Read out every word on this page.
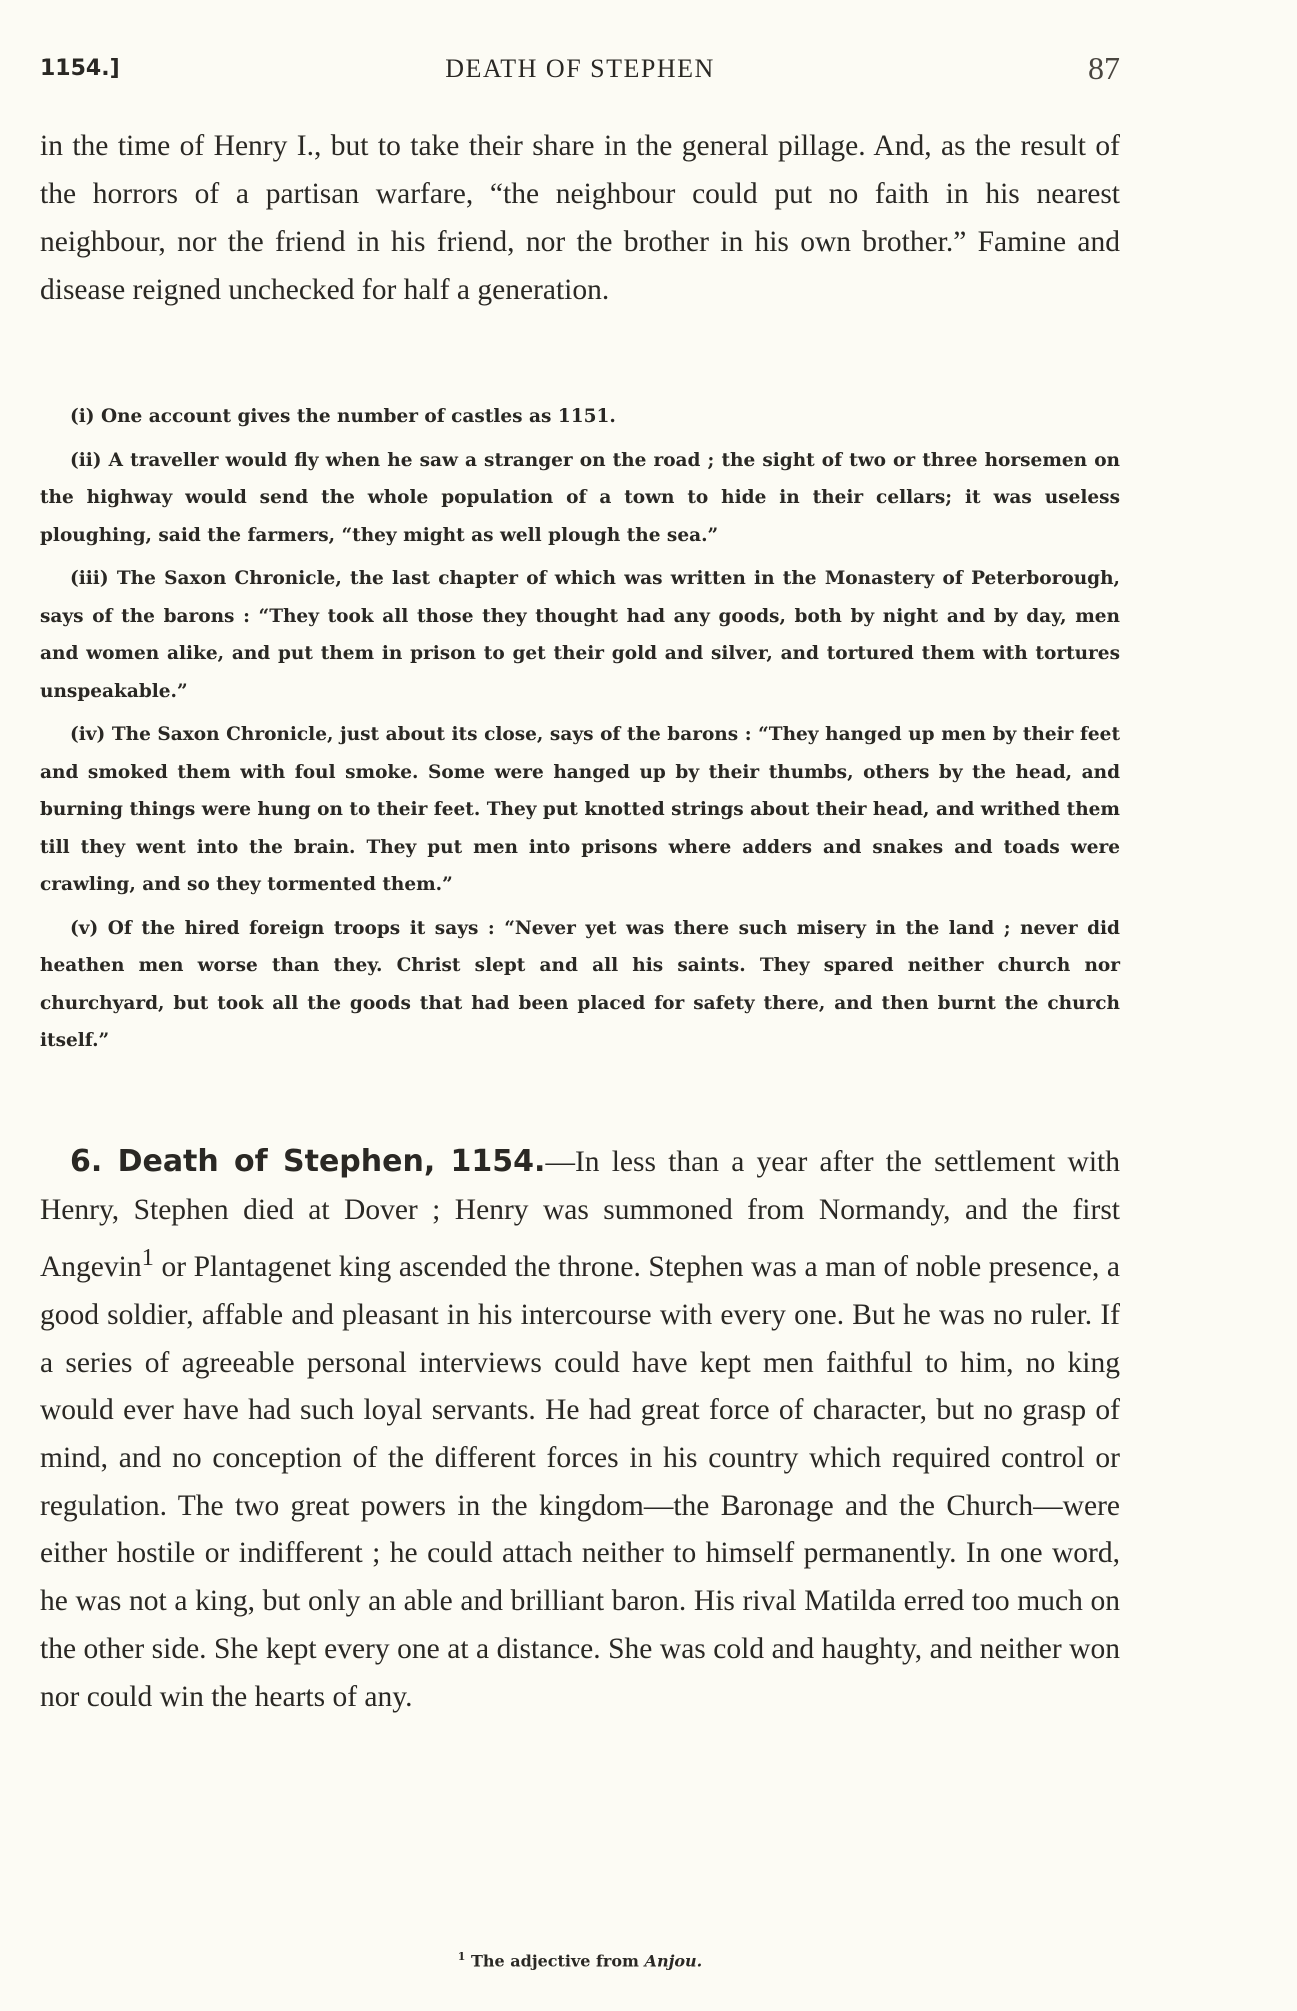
1154.]	DEATH OF STEPHEN	87

in the time of Henry I., but to take their share in the general pillage. And, as the result of the horrors of a partisan warfare, “the neighbour could put no faith in his nearest neighbour, nor the friend in his friend, nor the brother in his own brother.” Famine and disease reigned unchecked for half a generation.

(i) One account gives the number of castles as 1151.

(ii) A traveller would fly when he saw a stranger on the road ; the sight of two or three horsemen on the highway would send the whole population of a town to hide in their cellars; it was useless ploughing, said the farmers, “they might as well plough the sea.”

(iii) The Saxon Chronicle, the last chapter of which was written in the Monastery of Peterborough, says of the barons : “They took all those they thought had any goods, both by night and by day, men and women alike, and put them in prison to get their gold and silver, and tortured them with tortures unspeakable.”

(iv) The Saxon Chronicle, just about its close, says of the barons : “They hanged up men by their feet and smoked them with foul smoke. Some were hanged up by their thumbs, others by the head, and burning things were hung on to their feet. They put knotted strings about their head, and writhed them till they went into the brain. They put men into prisons where adders and snakes and toads were crawling, and so they tormented them.”

(v) Of the hired foreign troops it says : “Never yet was there such misery in the land ; never did heathen men worse than they. Christ slept and all his saints. They spared neither church nor churchyard, but took all the goods that had been placed for safety there, and then burnt the church itself.”

6. Death of Stephen, 1154.—In less than a year after the settlement with Henry, Stephen died at Dover ; Henry was summoned from Normandy, and the first Angevin$^1$ or Plantagenet king ascended the throne. Stephen was a man of noble presence, a good soldier, affable and pleasant in his intercourse with every one. But he was no ruler. If a series of agreeable personal interviews could have kept men faithful to him, no king would ever have had such loyal servants. He had great force of character, but no grasp of mind, and no conception of the different forces in his country which required control or regulation. The two great powers in the kingdom—the Baronage and the Church—were either hostile or indifferent ; he could attach neither to himself permanently. In one word, he was not a king, but only an able and brilliant baron. His rival Matilda erred too much on the other side. She kept every one at a distance. She was cold and haughty, and neither won nor could win the hearts of any.

$^1$ The adjective from Anjou.
